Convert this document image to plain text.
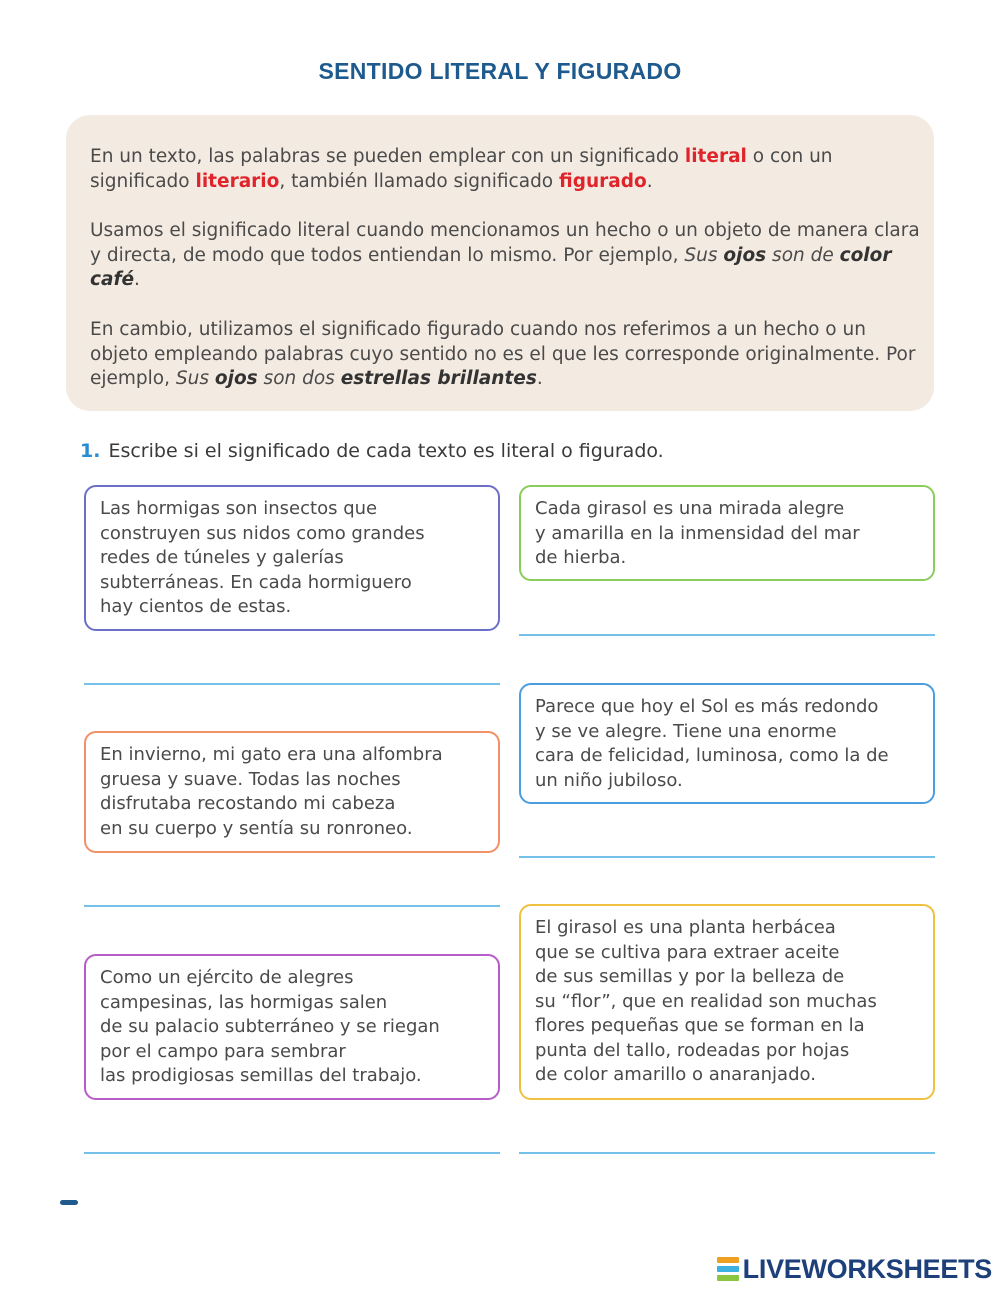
SENTIDO LITERAL Y FIGURADO

En un texto, las palabras se pueden emplear con un significado literal o con un significado literario, también llamado significado figurado.

Usamos el significado literal cuando mencionamos un hecho o un objeto de manera clara y directa, de modo que todos entiendan lo mismo. Por ejemplo, Sus ojos son de color café.

En cambio, utilizamos el significado figurado cuando nos referimos a un hecho o un objeto empleando palabras cuyo sentido no es el que les corresponde originalmente. Por ejemplo, Sus ojos son dos estrellas brillantes.

1. Escribe si el significado de cada texto es literal o figurado.

Las hormigas son insectos que
construyen sus nidos como grandes
redes de túneles y galerías
subterráneas. En cada hormiguero
hay cientos de estas.

Cada girasol es una mirada alegre
y amarilla en la inmensidad del mar
de hierba.

Parece que hoy el Sol es más redondo
y se ve alegre. Tiene una enorme
cara de felicidad, luminosa, como la de
un niño jubiloso.

En invierno, mi gato era una alfombra
gruesa y suave. Todas las noches
disfrutaba recostando mi cabeza
en su cuerpo y sentía su ronroneo.

El girasol es una planta herbácea
que se cultiva para extraer aceite
de sus semillas y por la belleza de
su “flor”, que en realidad son muchas
flores pequeñas que se forman en la
punta del tallo, rodeadas por hojas
de color amarillo o anaranjado.

Como un ejército de alegres
campesinas, las hormigas salen
de su palacio subterráneo y se riegan
por el campo para sembrar
las prodigiosas semillas del trabajo.

LIVEWORKSHEETS
